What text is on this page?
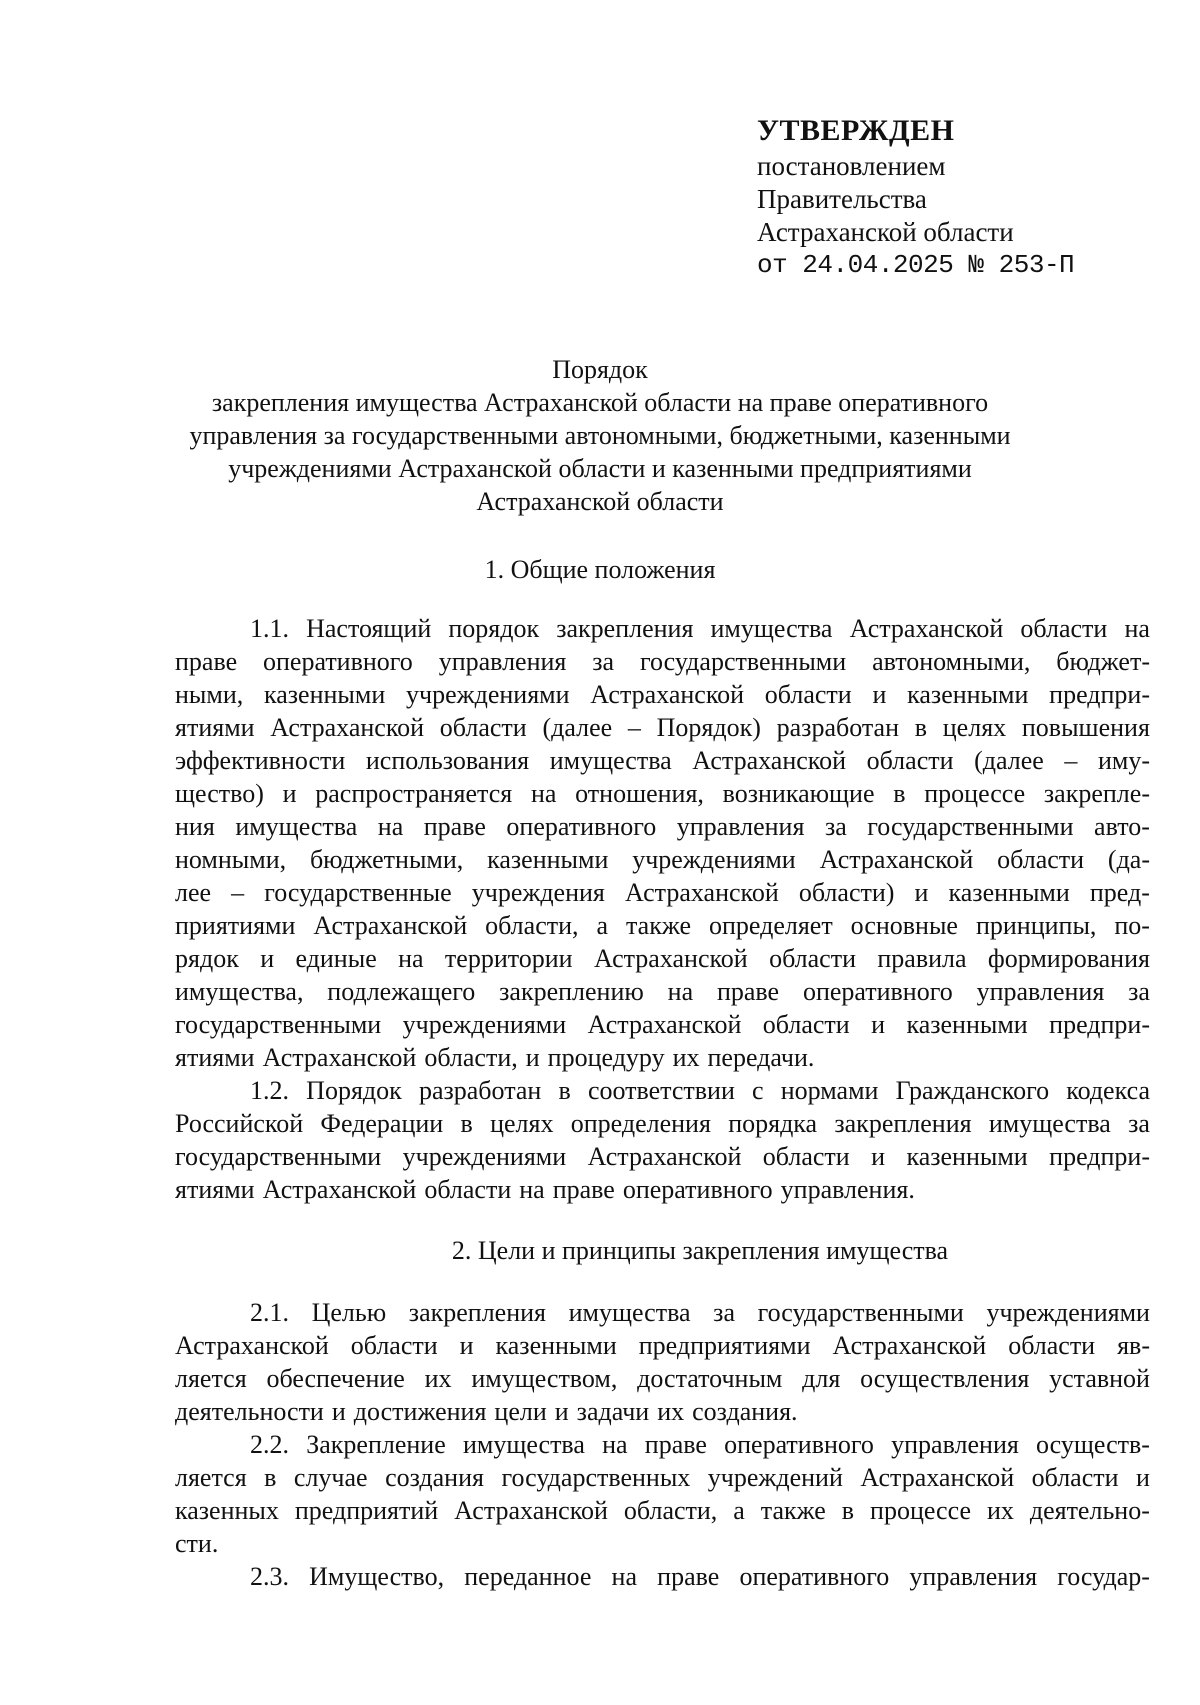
УТВЕРЖДЕН
постановлением
Правительства
Астраханской области
от 24.04.2025 № 253-П
Порядок
закрепления имущества Астраханской области на праве оперативного
управления за государственными автономными, бюджетными, казенными
учреждениями Астраханской области и казенными предприятиями
Астраханской области
1. Общие положения
1.1. Настоящий порядок закрепления имущества Астраханской области на
праве оперативного управления за государственными автономными, бюджет-
ными, казенными учреждениями Астраханской области и казенными предпри-
ятиями Астраханской области (далее – Порядок) разработан в целях повышения
эффективности использования имущества Астраханской области (далее – иму-
щество) и распространяется на отношения, возникающие в процессе закрепле-
ния имущества на праве оперативного управления за государственными авто-
номными, бюджетными, казенными учреждениями Астраханской области (да-
лее – государственные учреждения Астраханской области) и казенными пред-
приятиями Астраханской области, а также определяет основные принципы, по-
рядок и единые на территории Астраханской области правила формирования
имущества, подлежащего закреплению на праве оперативного управления за
государственными учреждениями Астраханской области и казенными предпри-
ятиями Астраханской области, и процедуру их передачи.
1.2. Порядок разработан в соответствии с нормами Гражданского кодекса
Российской Федерации в целях определения порядка закрепления имущества за
государственными учреждениями Астраханской области и казенными предпри-
ятиями Астраханской области на праве оперативного управления.
2. Цели и принципы закрепления имущества
2.1. Целью закрепления имущества за государственными учреждениями
Астраханской области и казенными предприятиями Астраханской области яв-
ляется обеспечение их имуществом, достаточным для осуществления уставной
деятельности и достижения цели и задачи их создания.
2.2. Закрепление имущества на праве оперативного управления осуществ-
ляется в случае создания государственных учреждений Астраханской области и
казенных предприятий Астраханской области, а также в процессе их деятельно-
сти.
2.3. Имущество, переданное на праве оперативного управления государ-
